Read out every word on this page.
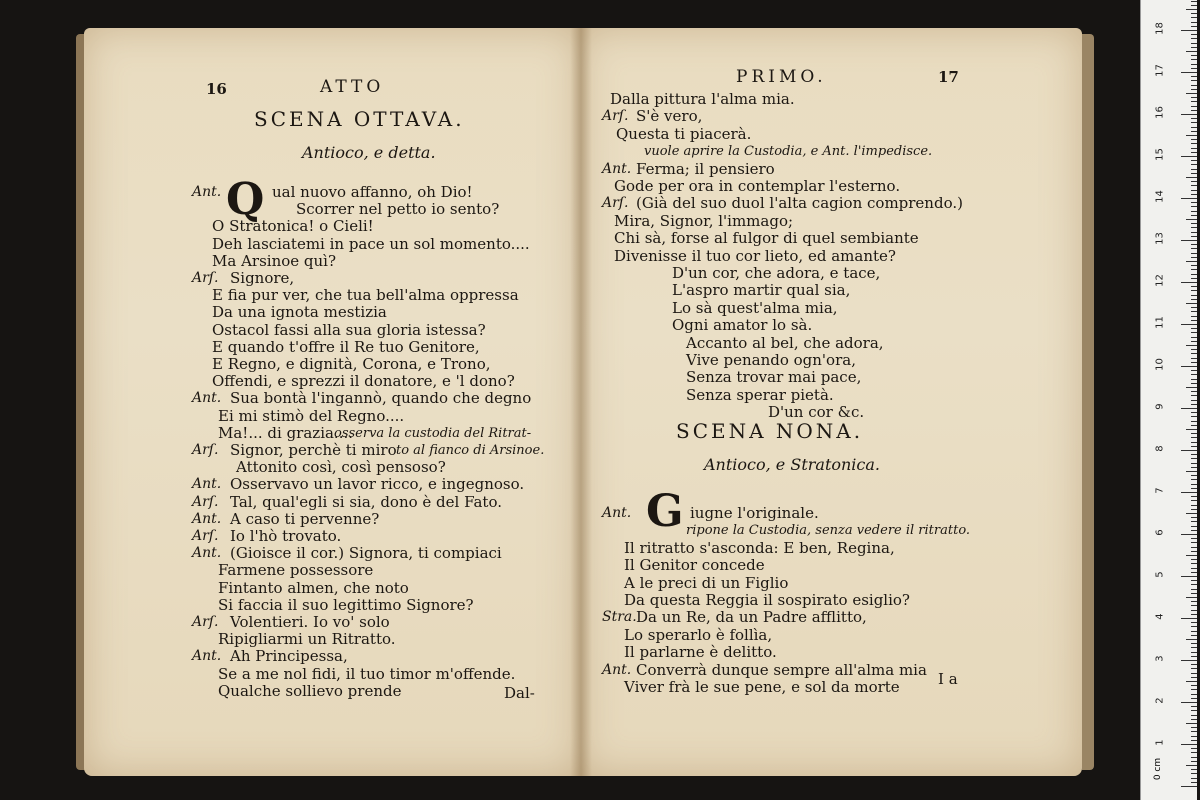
16	ATTO
SCENA OTTAVA.
Antioco, e detta.
Q
Ant.	ual nuovo affanno, oh Dio!
Scorrer nel petto io sento?
O Stratonica! o Cieli!
Deh lasciatemi in pace un sol momento....
Ma Arsinoe quì?
Arſ. Signore,
E fia pur ver, che tua bell'alma oppressa
Da una ignota mestizia
Ostacol fassi alla sua gloria istessa?
E quando t'offre il Re tuo Genitore,
E Regno, e dignità, Corona, e Trono,
Offendi, e sprezzi il donatore, e 'l dono?
Ant. Sua bontà l'ingannò, quando che degno
Ei mi stimò del Regno....
Ma!... di grazia....
osserva la custodia del Ritrat-
Arſ. Signor, perchè ti miro to al fianco di Arsinoe.
Attonito così, così pensoso?
Ant. Osservavo un lavor ricco, e ingegnoso.
Arſ. Tal, qual'egli si sia, dono è del Fato.
Ant. A caso ti pervenne?
Arſ. Io l'hò trovato.
Ant. (Gioisce il cor.) Signora, ti compiaci
Farmene possessore
Fintanto almen, che noto
Si faccia il suo legittimo Signore?
Arſ. Volentieri. Io vo' solo
Ripigliarmi un Ritratto.
Ant. Ah Principessa,
Se a me nol fidi, il tuo timor m'offende.
Qualche sollievo prende	Dal-
PRIMO.	17
Dalla pittura l'alma mia.
Arſ. S'è vero,
Questa ti piacerà.
vuole aprire la Custodia, e Ant. l'impedisce.
Ant. Ferma; il pensiero
Gode per ora in contemplar l'esterno.
Arſ. (Già del suo duol l'alta cagion comprendo.)
Mira, Signor, l'immago;
Chi sà, forse al fulgor di quel sembiante
Divenisse il tuo cor lieto, ed amante?
D'un cor, che adora, e tace,
L'aspro martir qual sia,
Lo sà quest'alma mia,
Ogni amator lo sà.
Accanto al bel, che adora,
Vive penando ogn'ora,
Senza trovar mai pace,
Senza sperar pietà.
D'un cor &c.
SCENA NONA.
Antioco, e Stratonica.
G
Ant.	iugne l'originale.
ripone la Custodia, senza vedere il ritratto.
Il ritratto s'asconda: E ben, Regina,
Il Genitor concede
A le preci di un Figlio
Da questa Reggia il sospirato esiglio?
Stra. Da un Re, da un Padre afflitto,
Lo sperarlo è follìa,
Il parlarne è delitto.
Ant. Converrà dunque sempre all'alma mia
Viver frà le sue pene, e sol da morte	I a
0 cm
1
2
3
4
5
6
7
8
9
10
11
12
13
14
15
16
17
18
